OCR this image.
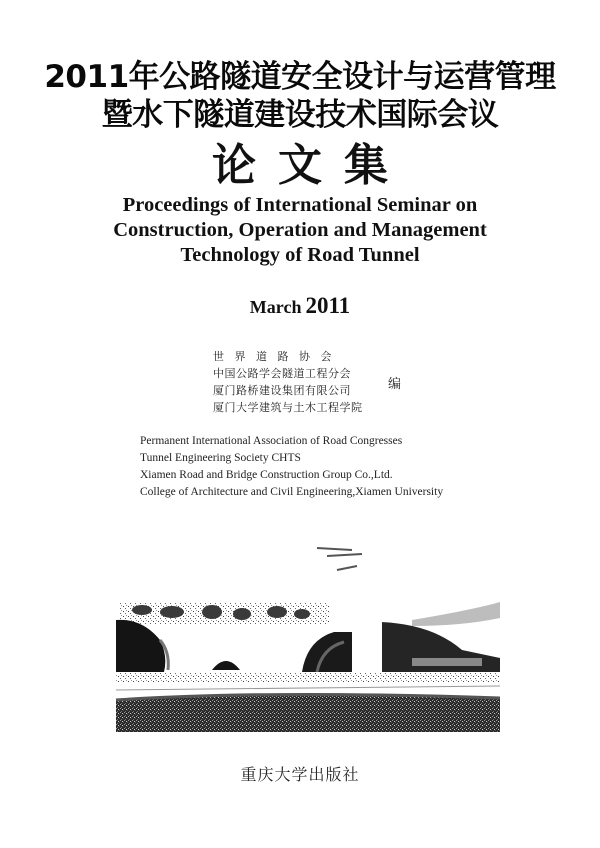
2011年公路隧道安全设计与运营管理
暨水下隧道建设技术国际会议
论文集
Proceedings of International Seminar on
Construction, Operation and Management
Technology of Road Tunnel
March 2011
世界道路协会
中国公路学会隧道工程分会
厦门路桥建设集团有限公司
厦门大学建筑与土木工程学院
编
Permanent International Association of Road Congresses
Tunnel Engineering Society CHTS
Xiamen Road and Bridge Construction Group Co.,Ltd.
College of Architecture and Civil Engineering,Xiamen University
重庆大学出版社
